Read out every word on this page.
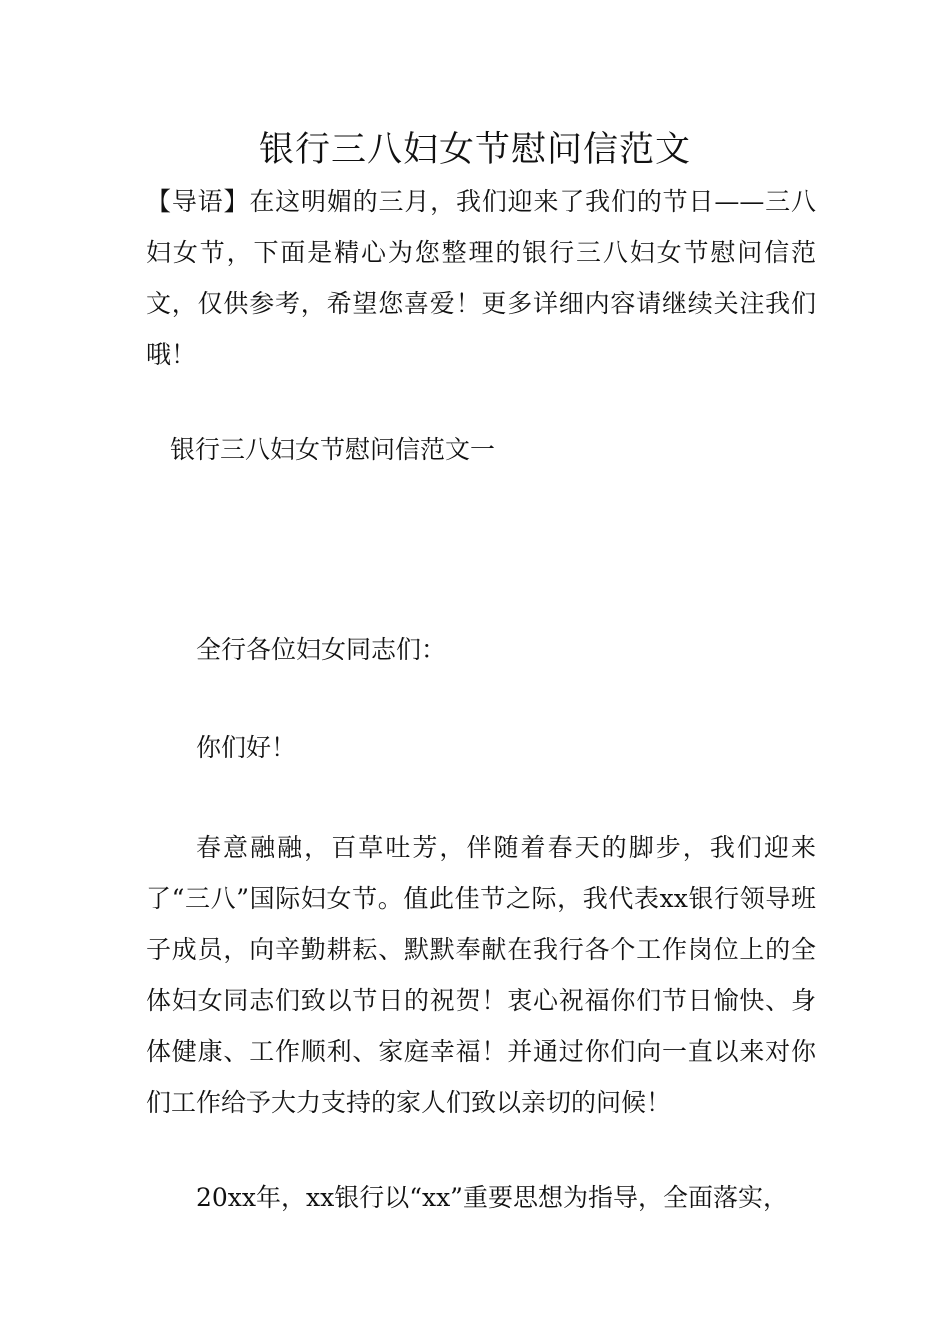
银行三八妇女节慰问信范文

【导语】在这明媚的三月，我们迎来了我们的节日——三八妇女节，下面是精心为您整理的银行三八妇女节慰问信范文，仅供参考，希望您喜爱！更多详细内容请继续关注我们哦！

银行三八妇女节慰问信范文一

全行各位妇女同志们：

你们好！

春意融融，百草吐芳，伴随着春天的脚步，我们迎来了“三八”国际妇女节。值此佳节之际，我代表xx银行领导班子成员，向辛勤耕耘、默默奉献在我行各个工作岗位上的全体妇女同志们致以节日的祝贺！衷心祝福你们节日愉快、身体健康、工作顺利、家庭幸福！并通过你们向一直以来对你们工作给予大力支持的家人们致以亲切的问候！

20xx年，xx银行以“xx”重要思想为指导，全面落实，
